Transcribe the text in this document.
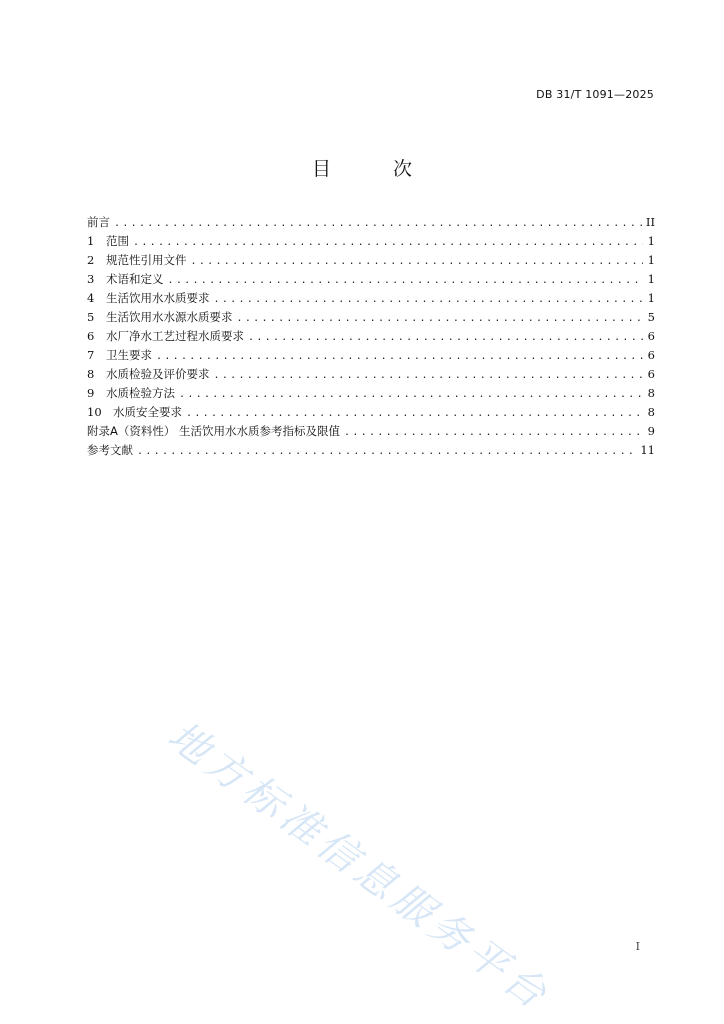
DB 31/T 1091—2025
目 次
前言 .....	II
1	范围 .....	1
2	规范性引用文件 .....	1
3	术语和定义 .....	1
4	生活饮用水水质要求 .....	1
5	生活饮用水水源水质要求 .....	5
6	水厂净水工艺过程水质要求 .....	6
7	卫生要求 .....	6
8	水质检验及评价要求 .....	6
9	水质检验方法 .....	8
10 水质安全要求 .....	8
附录A（资料性） 生活饮用水水质参考指标及限值 .....	9
参考文献 .....	11
地方标准信息服务平台	I
